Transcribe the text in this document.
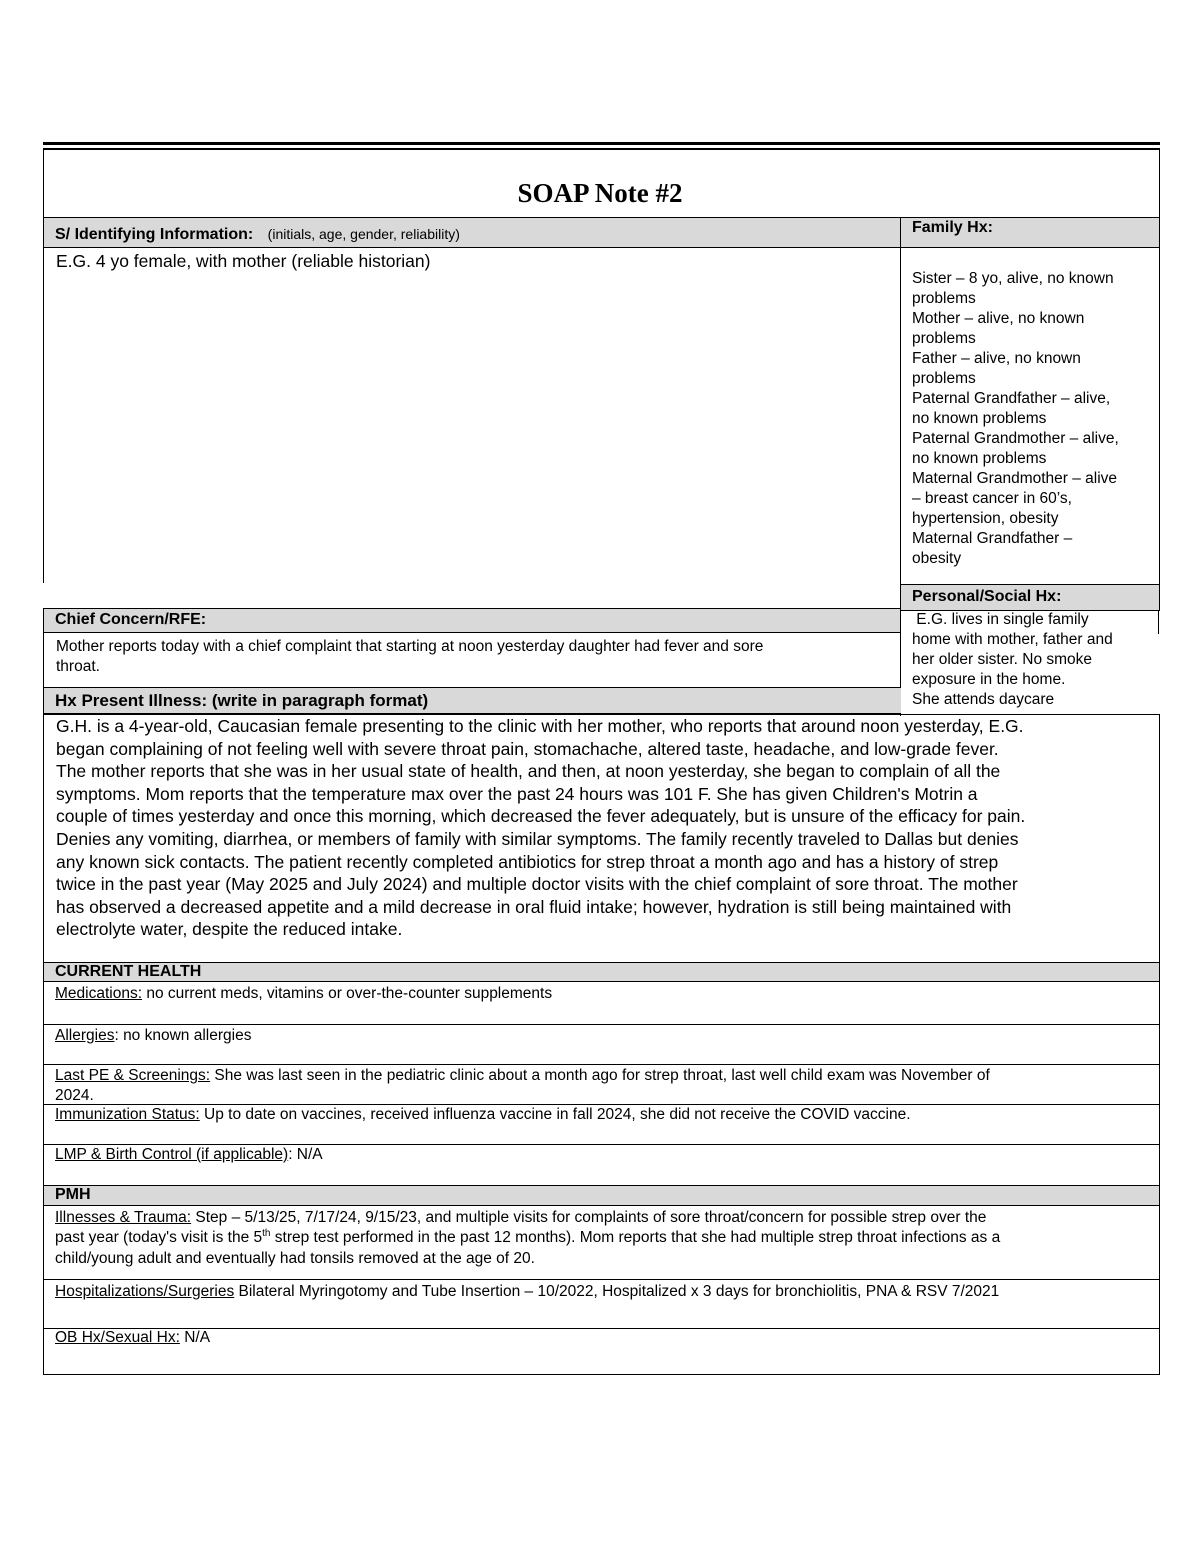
SOAP Note #2
S/ Identifying Information: (initials, age, gender, reliability)
E.G. 4 yo female, with mother (reliable historian)
Family Hx:
Sister – 8 yo, alive, no known
problems
Mother – alive, no known
problems
Father – alive, no known
problems
Paternal Grandfather – alive,
no known problems
Paternal Grandmother – alive,
no known problems
Maternal Grandmother – alive
– breast cancer in 60’s,
hypertension, obesity
Maternal Grandfather –
obesity
Personal/Social Hx:
E.G. lives in single family
home with mother, father and
her older sister. No smoke
exposure in the home.
She attends daycare
Chief Concern/RFE:
Mother reports today with a chief complaint that starting at noon yesterday daughter had fever and sore
throat.
Hx Present Illness: (write in paragraph format)
G.H. is a 4-year-old, Caucasian female presenting to the clinic with her mother, who reports that around noon yesterday, E.G.
began complaining of not feeling well with severe throat pain, stomachache, altered taste, headache, and low-grade fever.
The mother reports that she was in her usual state of health, and then, at noon yesterday, she began to complain of all the
symptoms. Mom reports that the temperature max over the past 24 hours was 101 F. She has given Children's Motrin a
couple of times yesterday and once this morning, which decreased the fever adequately, but is unsure of the efficacy for pain.
Denies any vomiting, diarrhea, or members of family with similar symptoms. The family recently traveled to Dallas but denies
any known sick contacts. The patient recently completed antibiotics for strep throat a month ago and has a history of strep
twice in the past year (May 2025 and July 2024) and multiple doctor visits with the chief complaint of sore throat. The mother
has observed a decreased appetite and a mild decrease in oral fluid intake; however, hydration is still being maintained with
electrolyte water, despite the reduced intake.
CURRENT HEALTH
Medications: no current meds, vitamins or over-the-counter supplements
Allergies: no known allergies
Last PE & Screenings: She was last seen in the pediatric clinic about a month ago for strep throat, last well child exam was November of
2024.
Immunization Status: Up to date on vaccines, received influenza vaccine in fall 2024, she did not receive the COVID vaccine.
LMP & Birth Control (if applicable): N/A
PMH
Illnesses & Trauma: Step – 5/13/25, 7/17/24, 9/15/23, and multiple visits for complaints of sore throat/concern for possible strep over the
past year (today's visit is the 5th strep test performed in the past 12 months). Mom reports that she had multiple strep throat infections as a
child/young adult and eventually had tonsils removed at the age of 20.
Hospitalizations/Surgeries Bilateral Myringotomy and Tube Insertion – 10/2022, Hospitalized x 3 days for bronchiolitis, PNA & RSV 7/2021
OB Hx/Sexual Hx: N/A
